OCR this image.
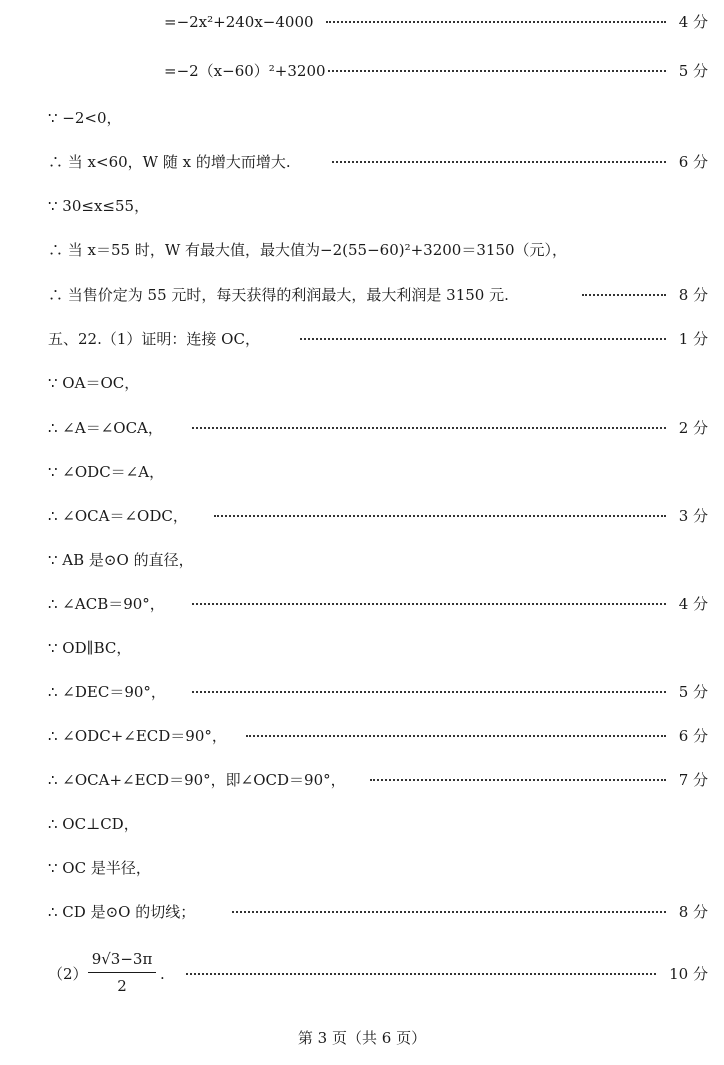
=−2x²+240x−4000	4 分
=−2（x−60）²+3200	5 分
∵ −2<0，
∴ 当 x<60，W 随 x 的增大而增大.	6 分
∵ 30≤x≤55，
∴ 当 x＝55 时，W 有最大值，最大值为−2(55−60)²+3200＝3150（元），
∴ 当售价定为 55 元时，每天获得的利润最大，最大利润是 3150 元.	8 分
五、22.（1）证明：连接 OC，	1 分
∵ OA＝OC，
∴ ∠A＝∠OCA，	2 分
∵ ∠ODC＝∠A，
∴ ∠OCA＝∠ODC，	3 分
∵ AB 是⊙O 的直径，
∴ ∠ACB＝90°，	4 分
∵ OD∥BC，
∴ ∠DEC＝90°，	5 分
∴ ∠ODC+∠ECD＝90°，	6 分
∴ ∠OCA+∠ECD＝90°，即∠OCD＝90°，	7 分
∴ OC⊥CD，
∵ OC 是半径，
∴ CD 是⊙O 的切线；	8 分
（2）	.	10 分
9√3−3π
2
第 3 页（共 6 页）
